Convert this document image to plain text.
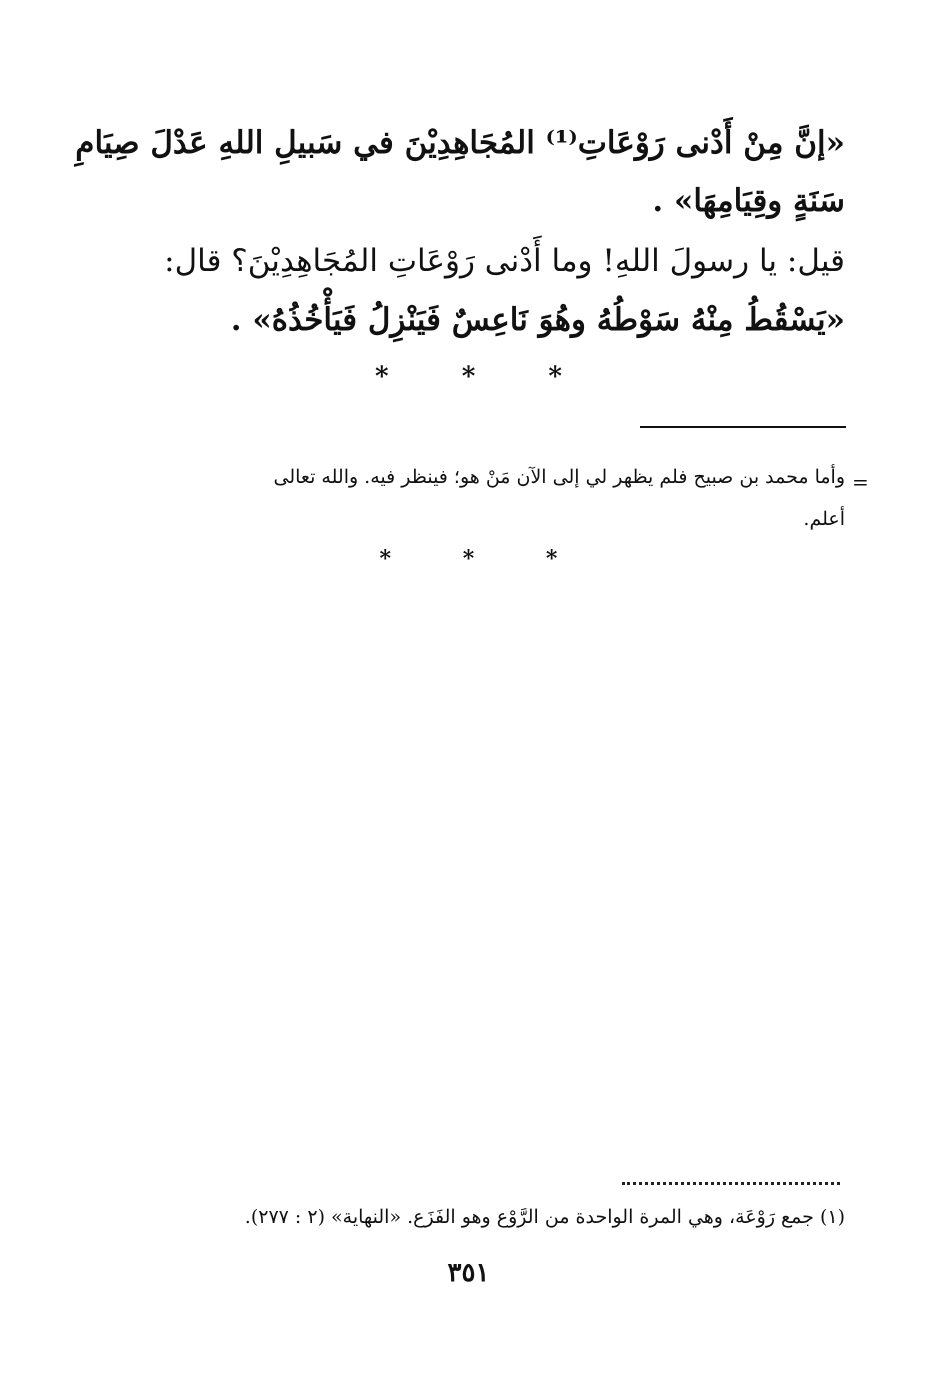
«إنَّ مِنْ أَدْنى رَوْعَاتِ⁽¹⁾ المُجَاهِدِيْنَ في سَبيلِ اللهِ عَدْلَ صِيَامِ
سَنَةٍ وقِيَامِهَا» .
قيل: يا رسولَ اللهِ! وما أَدْنى رَوْعَاتِ المُجَاهِدِيْنَ؟ قال:
«يَسْقُطُ مِنْهُ سَوْطُهُ وهُوَ نَاعِسٌ فَيَنْزِلُ فَيَأْخُذُهُ» .
*	*	*
=
وأما محمد بن صبيح فلم يظهر لي إلى الآن مَنْ هو؛ فينظر فيه. والله تعالى
أعلم.
*	*	*
(١) جمع رَوْعَة، وهي المرة الواحدة من الرَّوْع وهو الفَزَع. «النهاية» (٢ : ٢٧٧).
٣٥١
